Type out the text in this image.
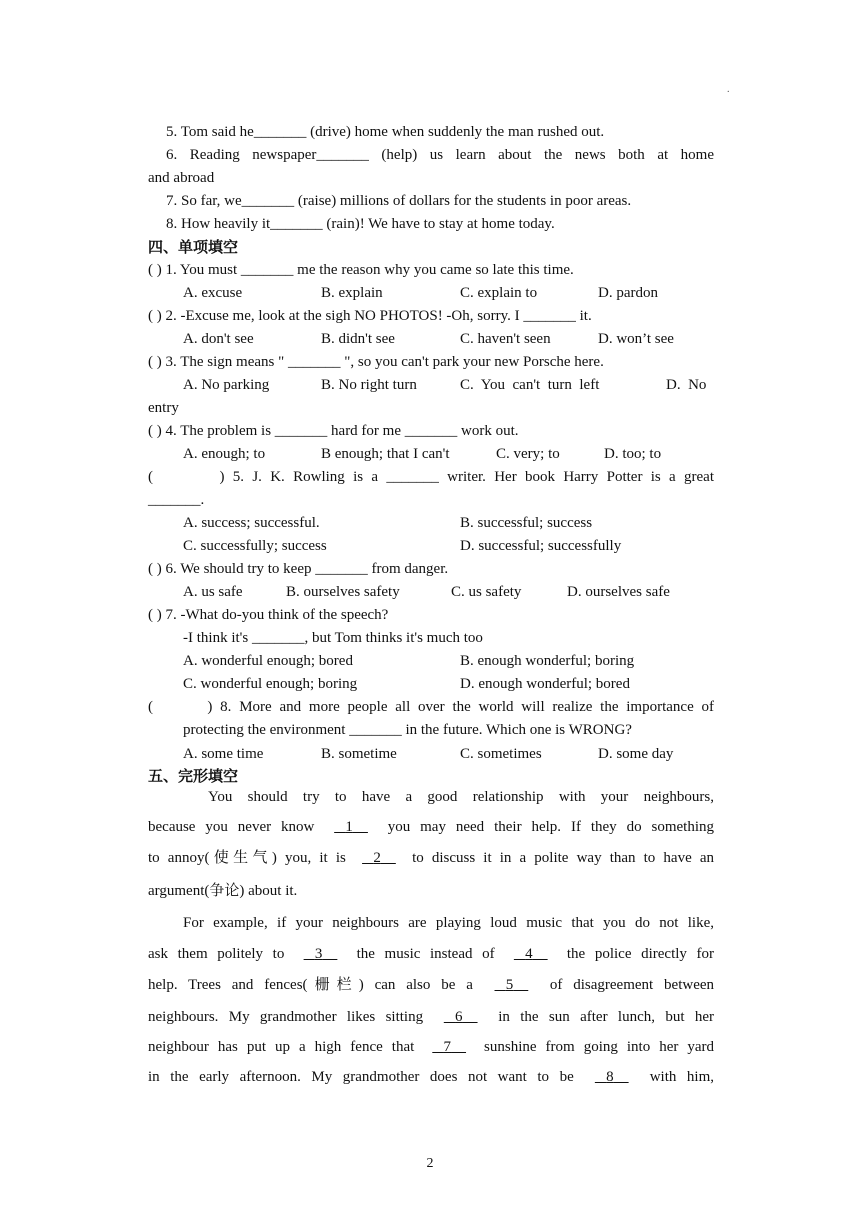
.
5. Tom said he_______ (drive) home when suddenly the man rushed out.
6. Reading newspaper_______ (help) us learn about the news both at home
and abroad
7. So far, we_______ (raise) millions of dollars for the students in poor areas.
8. How heavily it_______ (rain)! We have to stay at home today.
四、单项填空
( ) 1. You must _______ me the reason why you came so late this time.
A. excuse	B. explain	C. explain to	D. pardon
( ) 2. -Excuse me, look at the sigh NO PHOTOS! -Oh, sorry. I _______ it.
A. don't see	B. didn't see	C. haven't seen	D. won’t see
( ) 3. The sign means " _______ ", so you can't park your new Porsche here.
A. No parking	B. No right turn	C.  You  can't  turn  left	D.  No
entry
( ) 4. The problem is _______ hard for me _______ work out.
A. enough; to	B enough; that I can't	C. very; to	D. too; to
(        ) 5. J. K. Rowling is a _______ writer. Her book Harry Potter is a great
_______.
A. success; successful.	B. successful; success
C. successfully; success	D. successful; successfully
( ) 6. We should try to keep _______ from danger.
A. us safe	B. ourselves safety	C. us safety	D. ourselves safe
( ) 7. -What do-you think of the speech?
-I think it's _______, but Tom thinks it's much too
A. wonderful enough; bored	B. enough wonderful; boring
C. wonderful enough; boring	D. enough wonderful; bored
(       ) 8. More and more people all over the world will realize the importance of
protecting the environment _______ in the future. Which one is WRONG?
A. some time	B. sometime	C. sometimes	D. some day
五、完形填空
You should try to have a good relationship with your neighbours,
because you never know 1 you may need their help. If they do something
to annoy(使生气) you, it is 2 to discuss it in a polite way than to have an
argument(争论) about it.
For example, if your neighbours are playing loud music that you do not like,
ask them politely to 3 the music instead of 4 the police directly for
help. Trees and fences(栅栏) can also be a 5 of disagreement between
neighbours. My grandmother likes sitting 6 in the sun after lunch, but her
neighbour has put up a high fence that 7 sunshine from going into her yard
in the early afternoon. My grandmother does not want to be 8 with him,
2
